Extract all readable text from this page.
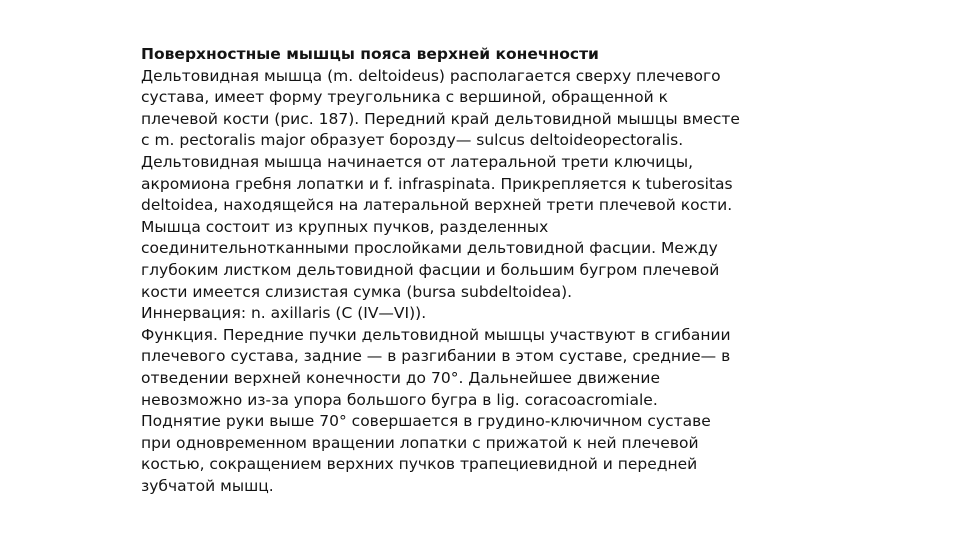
Поверхностные мышцы пояса верхней конечности
Дельтовидная мышца (m. deltoideus) располагается сверху плечевого
сустава, имеет форму треугольника с вершиной, обращенной к
плечевой кости (рис. 187). Передний край дельтовидной мышцы вместе
с m. pectoralis major образует борозду— sulcus deltoideopectoralis.
Дельтовидная мышца начинается от латеральной трети ключицы,
акромиона гребня лопатки и f. infraspinata. Прикрепляется к tuberositas
deltoidea, находящейся на латеральной верхней трети плечевой кости.
Мышца состоит из крупных пучков, разделенных
соединительнотканными прослойками дельтовидной фасции. Между
глубоким листком дельтовидной фасции и большим бугром плечевой
кости имеется слизистая сумка (bursa subdeltoidea).
Иннервация: n. axillaris (C (IV—VI)).
Функция. Передние пучки дельтовидной мышцы участвуют в сгибании
плечевого сустава, задние — в разгибании в этом суставе, средние— в
отведении верхней конечности до 70°. Дальнейшее движение
невозможно из-за упора большого бугра в lig. coracoacromiale.
Поднятие руки выше 70° совершается в грудино-ключичном суставе
при одновременном вращении лопатки с прижатой к ней плечевой
костью, сокращением верхних пучков трапециевидной и передней
зубчатой мышц.
